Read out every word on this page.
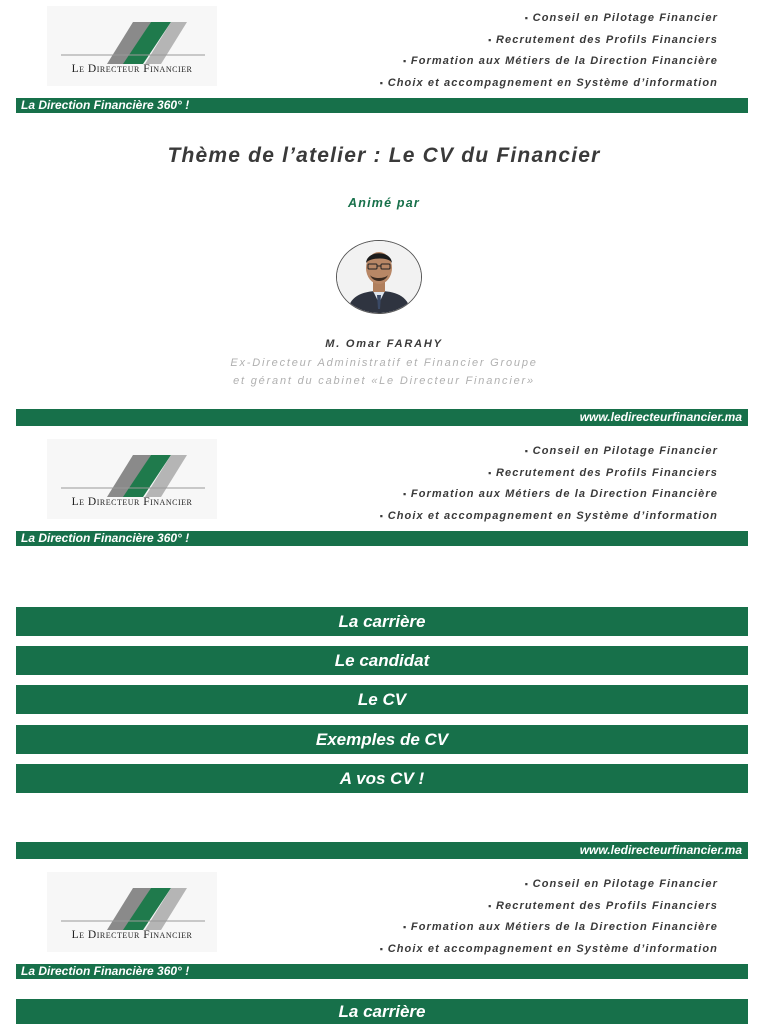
Le Directeur Financier
▪ Conseil en Pilotage Financier
▪ Recrutement des Profils Financiers
▪ Formation aux Métiers de la Direction Financière
▪ Choix et accompagnement en Système d’information
La Direction Financière 360° !
Thème de l’atelier : Le CV du Financier
Animé par
M. Omar FARAHY
Ex-Directeur Administratif et Financier Groupe
et gérant du cabinet «Le Directeur Financier»
www.ledirecteurfinancier.ma
Le Directeur Financier
▪ Conseil en Pilotage Financier
▪ Recrutement des Profils Financiers
▪ Formation aux Métiers de la Direction Financière
▪ Choix et accompagnement en Système d’information
La Direction Financière 360° !
La carrière
Le candidat
Le CV
Exemples de CV
A vos CV !
www.ledirecteurfinancier.ma
Le Directeur Financier
▪ Conseil en Pilotage Financier
▪ Recrutement des Profils Financiers
▪ Formation aux Métiers de la Direction Financière
▪ Choix et accompagnement en Système d’information
La Direction Financière 360° !
La carrière
